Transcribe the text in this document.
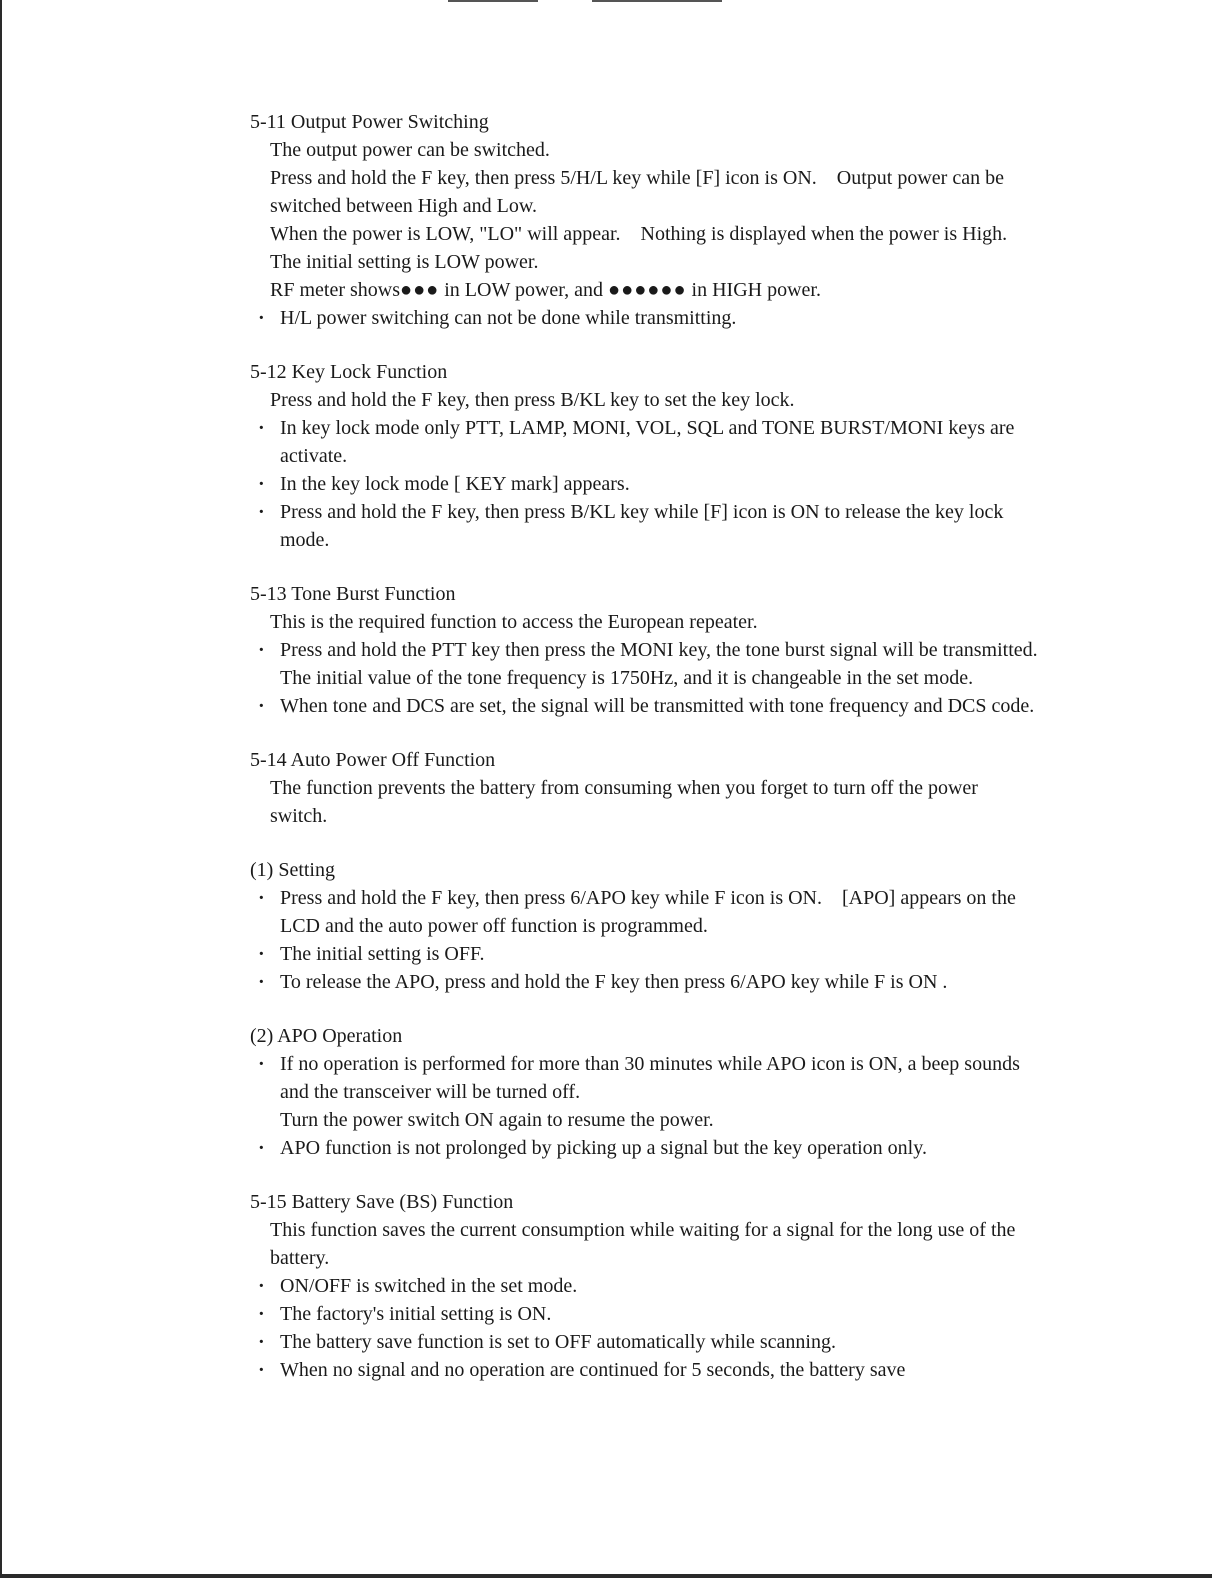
5-11 Output Power Switching

The output power can be switched.

Press and hold the F key, then press 5/H/L key while [F] icon is ON. Output power can be switched between High and Low.

When the power is LOW, "LO" will appear. Nothing is displayed when the power is High.

The initial setting is LOW power.

RF meter shows●●● in LOW power, and ●●●●●● in HIGH power.

· H/L power switching can not be done while transmitting.

5-12 Key Lock Function

Press and hold the F key, then press B/KL key to set the key lock.

· In key lock mode only PTT, LAMP, MONI, VOL, SQL and TONE BURST/MONI keys are activate.

· In the key lock mode [ KEY mark] appears.

· Press and hold the F key, then press B/KL key while [F] icon is ON to release the key lock mode.

5-13 Tone Burst Function

This is the required function to access the European repeater.

· Press and hold the PTT key then press the MONI key, the tone burst signal will be transmitted.

The initial value of the tone frequency is 1750Hz, and it is changeable in the set mode.

· When tone and DCS are set, the signal will be transmitted with tone frequency and DCS code.

5-14 Auto Power Off Function

The function prevents the battery from consuming when you forget to turn off the power switch.

(1) Setting

· Press and hold the F key, then press 6/APO key while F icon is ON. [APO] appears on the LCD and the auto power off function is programmed.

· The initial setting is OFF.

· To release the APO, press and hold the F key then press 6/APO key while F is ON .

(2) APO Operation

· If no operation is performed for more than 30 minutes while APO icon is ON, a beep sounds and the transceiver will be turned off.

Turn the power switch ON again to resume the power.

· APO function is not prolonged by picking up a signal but the key operation only.

5-15 Battery Save (BS) Function

This function saves the current consumption while waiting for a signal for the long use of the battery.

· ON/OFF is switched in the set mode.

· The factory's initial setting is ON.

· The battery save function is set to OFF automatically while scanning.

· When no signal and no operation are continued for 5 seconds, the battery save
